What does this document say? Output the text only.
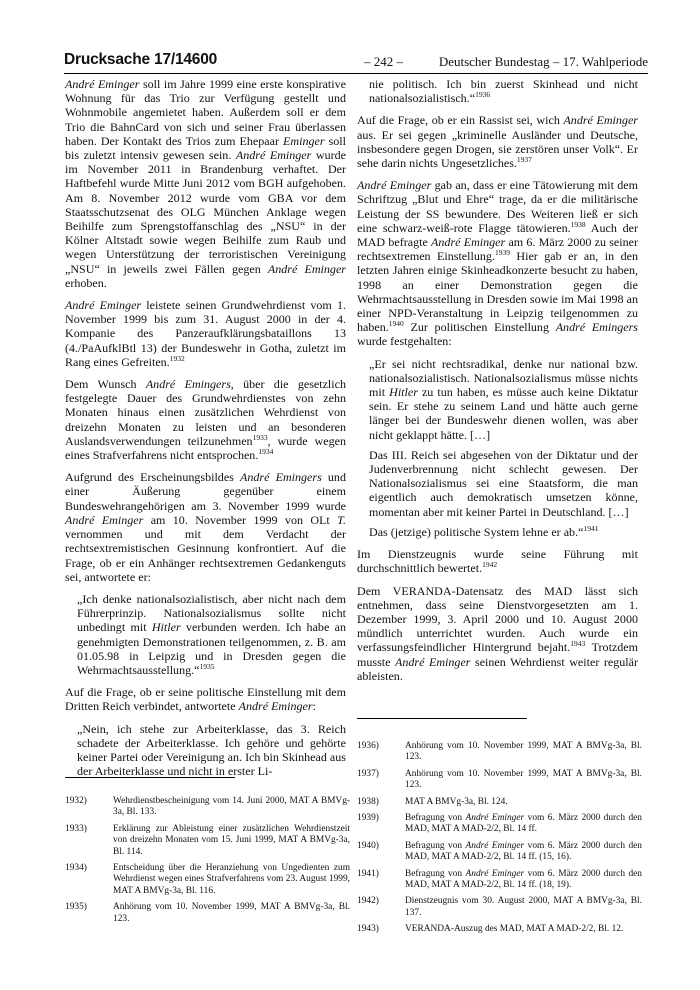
Drucksache 17/14600	– 242 –	Deutscher Bundestag – 17. Wahlperiode

André Eminger soll im Jahre 1999 eine erste konspirative Wohnung für das Trio zur Verfügung gestellt und Wohnmobile angemietet haben. Außerdem soll er dem Trio die BahnCard von sich und seiner Frau überlassen haben. Der Kontakt des Trios zum Ehepaar Eminger soll bis zuletzt intensiv gewesen sein. André Eminger wurde im November 2011 in Brandenburg verhaftet. Der Haftbefehl wurde Mitte Juni 2012 vom BGH aufgehoben. Am 8. November 2012 wurde vom GBA vor dem Staatsschutzsenat des OLG München Anklage wegen Beihilfe zum Sprengstoffanschlag des „NSU“ in der Kölner Altstadt sowie wegen Beihilfe zum Raub und wegen Unterstützung der terroristischen Vereinigung „NSU“ in jeweils zwei Fällen gegen André Eminger erhoben.

André Eminger leistete seinen Grundwehrdienst vom 1. November 1999 bis zum 31. August 2000 in der 4. Kompanie des Panzeraufklärungsbataillons 13 (4./PaAufklBtl 13) der Bundeswehr in Gotha, zuletzt im Rang eines Gefreiten.$^{1932}$

Dem Wunsch André Emingers, über die gesetzlich festgelegte Dauer des Grundwehrdienstes von zehn Monaten hinaus einen zusätzlichen Wehrdienst von dreizehn Monaten zu leisten und an besonderen Auslandsverwendungen teilzunehmen$^{1933}$, wurde wegen eines Strafverfahrens nicht entsprochen.$^{1934}$

Aufgrund des Erscheinungsbildes André Emingers und einer Äußerung gegenüber einem Bundeswehrangehörigen am 3. November 1999 wurde André Eminger am 10. November 1999 von OLt T. vernommen und mit dem Verdacht der rechtsextremistischen Gesinnung konfrontiert. Auf die Frage, ob er ein Anhänger rechtsextremen Gedankenguts sei, antwortete er:

„Ich denke nationalsozialistisch, aber nicht nach dem Führerprinzip. Nationalsozialismus sollte nicht unbedingt mit Hitler verbunden werden. Ich habe an genehmigten Demonstrationen teilgenommen, z. B. am 01.05.98 in Leipzig und in Dresden gegen die Wehrmachtsausstellung.“$^{1935}$

Auf die Frage, ob er seine politische Einstellung mit dem Dritten Reich verbindet, antwortete André Eminger:

„Nein, ich stehe zur Arbeiterklasse, das 3. Reich schadete der Arbeiterklasse. Ich gehöre und gehörte keiner Partei oder Vereinigung an. Ich bin Skinhead aus der Arbeiterklasse und nicht in erster Li-

nie politisch. Ich bin zuerst Skinhead und nicht nationalsozialistisch.“$^{1936}$

Auf die Frage, ob er ein Rassist sei, wich André Eminger aus. Er sei gegen „kriminelle Ausländer und Deutsche, insbesondere gegen Drogen, sie zerstören unser Volk“. Er sehe darin nichts Ungesetzliches.$^{1937}$

André Eminger gab an, dass er eine Tätowierung mit dem Schriftzug „Blut und Ehre“ trage, da er die militärische Leistung der SS bewundere. Des Weiteren ließ er sich eine schwarz-weiß-rote Flagge tätowieren.$^{1938}$ Auch der MAD befragte André Eminger am 6. März 2000 zu seiner rechtsextremen Einstellung.$^{1939}$ Hier gab er an, in den letzten Jahren einige Skinheadkonzerte besucht zu haben, 1998 an einer Demonstration gegen die Wehrmachtsausstellung in Dresden sowie im Mai 1998 an einer NPD-Veranstaltung in Leipzig teilgenommen zu haben.$^{1940}$ Zur politischen Einstellung André Emingers wurde festgehalten:

„Er sei nicht rechtsradikal, denke nur national bzw. nationalsozialistisch. Nationalsozialismus müsse nichts mit Hitler zu tun haben, es müsse auch keine Diktatur sein. Er stehe zu seinem Land und hätte auch gerne länger bei der Bundeswehr dienen wollen, was aber nicht geklappt hätte. […]

Das III. Reich sei abgesehen von der Diktatur und der Judenverbrennung nicht schlecht gewesen. Der Nationalsozialismus sei eine Staatsform, die man eigentlich auch demokratisch umsetzen könne, momentan aber mit keiner Partei in Deutschland. […]

Das (jetzige) politische System lehne er ab.“$^{1941}$

Im Dienstzeugnis wurde seine Führung mit durchschnittlich bewertet.$^{1942}$

Dem VERANDA-Datensatz des MAD lässt sich entnehmen, dass seine Dienstvorgesetzten am 1. Dezember 1999, 3. April 2000 und 10. August 2000 mündlich unterrichtet wurden. Auch wurde ein verfassungsfeindlicher Hintergrund bejaht.$^{1943}$ Trotzdem musste André Eminger seinen Wehrdienst weiter regulär ableisten.

1932)	Wehrdienstbescheinigung vom 14. Juni 2000, MAT A BMVg-3a, Bl. 133.
1933)	Erklärung zur Ableistung einer zusätzlichen Wehrdienstzeit von dreizehn Monaten vom 15. Juni 1999, MAT A BMVg-3a, Bl. 114.
1934)	Entscheidung über die Heranziehung von Ungedienten zum Wehrdienst wegen eines Strafverfahrens vom 23. August 1999, MAT A BMVg-3a, Bl. 116.
1935)	Anhörung vom 10. November 1999, MAT A BMVg-3a, Bl. 123.
1936)	Anhörung vom 10. November 1999, MAT A BMVg-3a, Bl. 123.
1937)	Anhörung vom 10. November 1999, MAT A BMVg-3a, Bl. 123.
1938)	MAT A BMVg-3a, Bl. 124.
1939)	Befragung von André Eminger vom 6. März 2000 durch den MAD, MAT A MAD-2/2, Bl. 14 ff.
1940)	Befragung von André Eminger vom 6. März 2000 durch den MAD, MAT A MAD-2/2, Bl. 14 ff. (15, 16).
1941)	Befragung von André Eminger vom 6. März 2000 durch den MAD, MAT A MAD-2/2, Bl. 14 ff. (18, 19).
1942)	Dienstzeugnis vom 30. August 2000, MAT A BMVg-3a, Bl. 137.
1943)	VERANDA-Auszug des MAD, MAT A MAD-2/2, Bl. 12.
